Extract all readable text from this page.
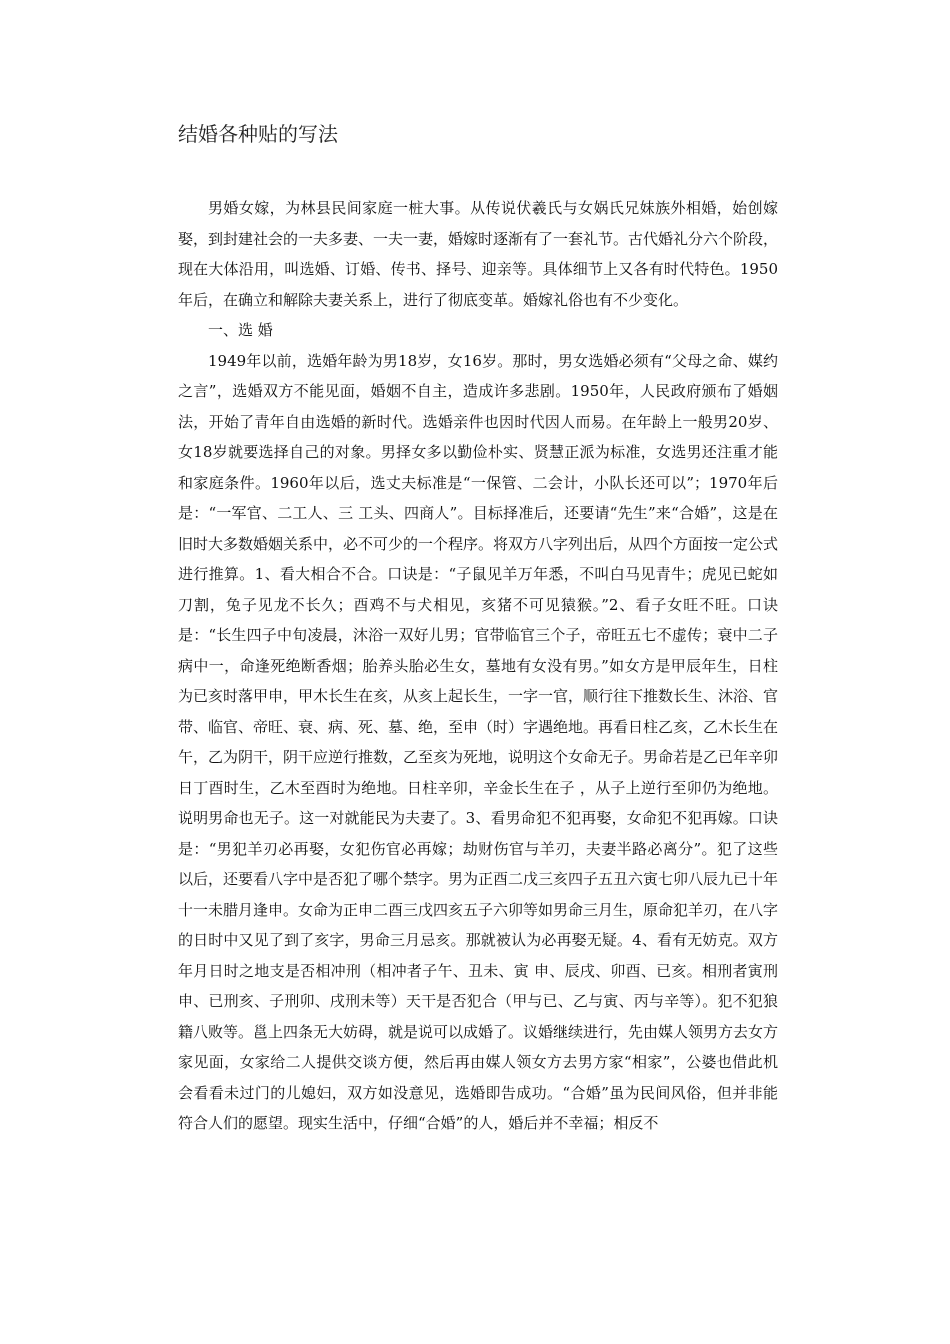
结婚各种贴的写法

男婚女嫁，为林县民间家庭一桩大事。从传说伏羲氏与女娲氏兄妹族外相婚，始创嫁娶，到封建社会的一夫多妻、一夫一妻，婚嫁时逐渐有了一套礼节。古代婚礼分六个阶段，现在大体沿用，叫选婚、订婚、传书、择号、迎亲等。具体细节上又各有时代特色。1950年后，在确立和解除夫妻关系上，进行了彻底变革。婚嫁礼俗也有不少变化。

一、选 婚

1949年以前，选婚年龄为男18岁，女16岁。那时，男女选婚必须有“父母之命、媒约之言”，选婚双方不能见面，婚姻不自主，造成许多悲剧。1950年，人民政府颁布了婚姻法，开始了青年自由选婚的新时代。选婚亲件也因时代因人而易。在年龄上一般男20岁、女18岁就要选择自己的对象。男择女多以勤俭朴实、贤慧正派为标准，女选男还注重才能和家庭条件。1960年以后，选丈夫标准是“一保管、二会计，小队长还可以”；1970年后是：“一军官、二工人、三 工头、四商人”。目标择准后，还要请“先生”来“合婚”，这是在旧时大多数婚姻关系中，必不可少的一个程序。将双方八字列出后，从四个方面按一定公式进行推算。1、看大相合不合。口诀是：“子鼠见羊万年悉，不叫白马见青牛；虎见已蛇如刀割，兔子见龙不长久；酉鸡不与犬相见，亥猪不可见猿猴。”2、看子女旺不旺。口诀是：“长生四子中旬凌晨，沐浴一双好儿男；官带临官三个子，帝旺五七不虚传；衰中二子病中一，命逢死绝断香烟；胎养头胎必生女，墓地有女没有男。”如女方是甲辰年生，日柱为已亥时落甲申，甲木长生在亥，从亥上起长生，一字一官，顺行往下推数长生、沐浴、官带、临官、帝旺、衰、病、死、墓、绝，至申（时）字遇绝地。再看日柱乙亥，乙木长生在午，乙为阴干，阴干应逆行推数，乙至亥为死地，说明这个女命无子。男命若是乙已年辛卯日丁酉时生，乙木至酉时为绝地。日柱辛卯，辛金长生在子 ，从子上逆行至卯仍为绝地。说明男命也无子。这一对就能民为夫妻了。3、看男命犯不犯再娶，女命犯不犯再嫁。口诀是：“男犯羊刃必再娶，女犯伤官必再嫁；劫财伤官与羊刃，夫妻半路必离分”。犯了这些以后，还要看八字中是否犯了哪个禁字。男为正酉二戊三亥四子五丑六寅七卯八辰九已十年十一未腊月逢申。女命为正申二酉三戊四亥五子六卯等如男命三月生，原命犯羊刃，在八字的日时中又见了到了亥字，男命三月忌亥。那就被认为必再娶无疑。4、看有无妨克。双方年月日时之地支是否相冲刑（相冲者子午、丑未、寅 申、辰戌、卯酉、已亥。相刑者寅刑申、已刑亥、子刑卯、戌刑未等）天干是否犯合（甲与已、乙与寅、丙与辛等）。犯不犯狼籍八败等。邕上四条无大妨碍，就是说可以成婚了。议婚继续进行，先由媒人领男方去女方家见面，女家给二人提供交谈方便，然后再由媒人领女方去男方家“相家”，公婆也借此机会看看未过门的儿媳妇，双方如没意见，选婚即告成功。“合婚”虽为民间风俗，但并非能符合人们的愿望。现实生活中，仔细“合婚”的人，婚后并不幸福；相反不
